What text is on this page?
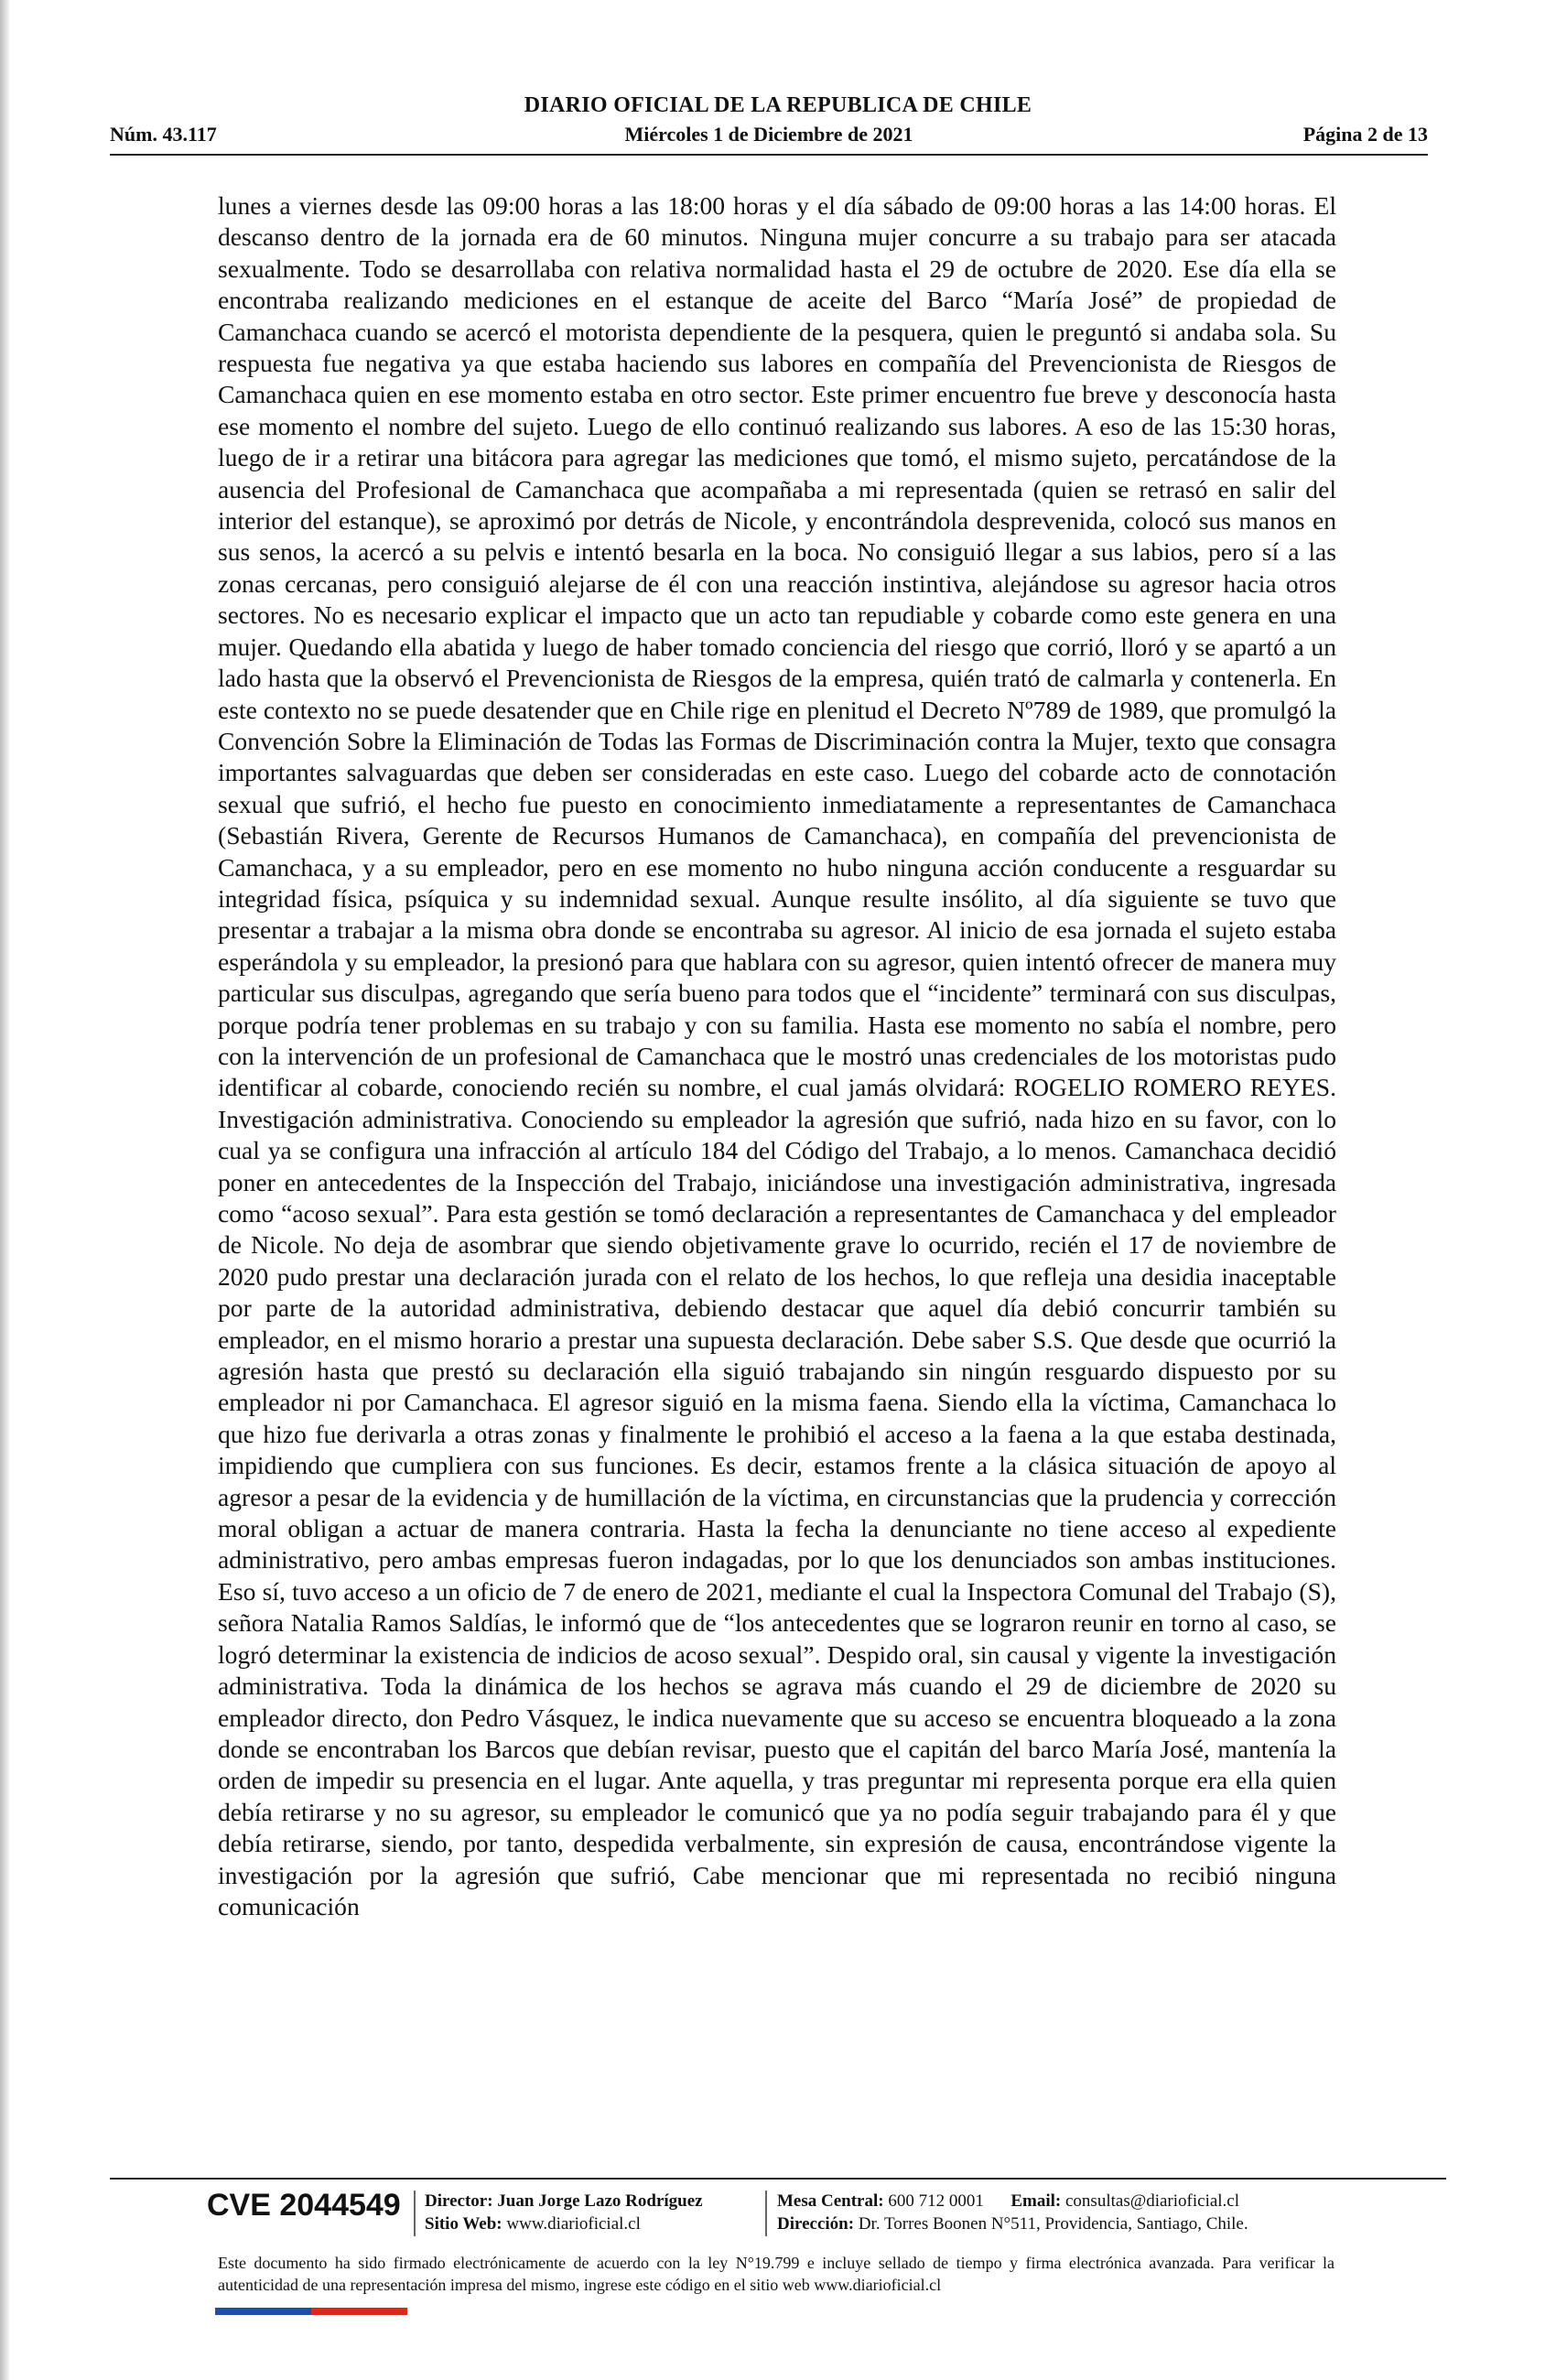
DIARIO OFICIAL DE LA REPUBLICA DE CHILE
Núm. 43.117	Miércoles 1 de Diciembre de 2021	Página 2 de 13
lunes a viernes desde las 09:00 horas a las 18:00 horas y el día sábado de 09:00 horas a las 14:00 horas. El descanso dentro de la jornada era de 60 minutos. Ninguna mujer concurre a su trabajo para ser atacada sexualmente. Todo se desarrollaba con relativa normalidad hasta el 29 de octubre de 2020. Ese día ella se encontraba realizando mediciones en el estanque de aceite del Barco “María José” de propiedad de Camanchaca cuando se acercó el motorista dependiente de la pesquera, quien le preguntó si andaba sola. Su respuesta fue negativa ya que estaba haciendo sus labores en compañía del Prevencionista de Riesgos de Camanchaca quien en ese momento estaba en otro sector. Este primer encuentro fue breve y desconocía hasta ese momento el nombre del sujeto. Luego de ello continuó realizando sus labores. A eso de las 15:30 horas, luego de ir a retirar una bitácora para agregar las mediciones que tomó, el mismo sujeto, percatándose de la ausencia del Profesional de Camanchaca que acompañaba a mi representada (quien se retrasó en salir del interior del estanque), se aproximó por detrás de Nicole, y encontrándola desprevenida, colocó sus manos en sus senos, la acercó a su pelvis e intentó besarla en la boca. No consiguió llegar a sus labios, pero sí a las zonas cercanas, pero consiguió alejarse de él con una reacción instintiva, alejándose su agresor hacia otros sectores. No es necesario explicar el impacto que un acto tan repudiable y cobarde como este genera en una mujer. Quedando ella abatida y luego de haber tomado conciencia del riesgo que corrió, lloró y se apartó a un lado hasta que la observó el Prevencionista de Riesgos de la empresa, quién trató de calmarla y contenerla. En este contexto no se puede desatender que en Chile rige en plenitud el Decreto Nº789 de 1989, que promulgó la Convención Sobre la Eliminación de Todas las Formas de Discriminación contra la Mujer, texto que consagra importantes salvaguardas que deben ser consideradas en este caso. Luego del cobarde acto de connotación sexual que sufrió, el hecho fue puesto en conocimiento inmediatamente a representantes de Camanchaca (Sebastián Rivera, Gerente de Recursos Humanos de Camanchaca), en compañía del prevencionista de Camanchaca, y a su empleador, pero en ese momento no hubo ninguna acción conducente a resguardar su integridad física, psíquica y su indemnidad sexual. Aunque resulte insólito, al día siguiente se tuvo que presentar a trabajar a la misma obra donde se encontraba su agresor. Al inicio de esa jornada el sujeto estaba esperándola y su empleador, la presionó para que hablara con su agresor, quien intentó ofrecer de manera muy particular sus disculpas, agregando que sería bueno para todos que el “incidente” terminará con sus disculpas, porque podría tener problemas en su trabajo y con su familia. Hasta ese momento no sabía el nombre, pero con la intervención de un profesional de Camanchaca que le mostró unas credenciales de los motoristas pudo identificar al cobarde, conociendo recién su nombre, el cual jamás olvidará: ROGELIO ROMERO REYES. Investigación administrativa. Conociendo su empleador la agresión que sufrió, nada hizo en su favor, con lo cual ya se configura una infracción al artículo 184 del Código del Trabajo, a lo menos. Camanchaca decidió poner en antecedentes de la Inspección del Trabajo, iniciándose una investigación administrativa, ingresada como “acoso sexual”. Para esta gestión se tomó declaración a representantes de Camanchaca y del empleador de Nicole. No deja de asombrar que siendo objetivamente grave lo ocurrido, recién el 17 de noviembre de 2020 pudo prestar una declaración jurada con el relato de los hechos, lo que refleja una desidia inaceptable por parte de la autoridad administrativa, debiendo destacar que aquel día debió concurrir también su empleador, en el mismo horario a prestar una supuesta declaración. Debe saber S.S. Que desde que ocurrió la agresión hasta que prestó su declaración ella siguió trabajando sin ningún resguardo dispuesto por su empleador ni por Camanchaca. El agresor siguió en la misma faena. Siendo ella la víctima, Camanchaca lo que hizo fue derivarla a otras zonas y finalmente le prohibió el acceso a la faena a la que estaba destinada, impidiendo que cumpliera con sus funciones. Es decir, estamos frente a la clásica situación de apoyo al agresor a pesar de la evidencia y de humillación de la víctima, en circunstancias que la prudencia y corrección moral obligan a actuar de manera contraria. Hasta la fecha la denunciante no tiene acceso al expediente administrativo, pero ambas empresas fueron indagadas, por lo que los denunciados son ambas instituciones. Eso sí, tuvo acceso a un oficio de 7 de enero de 2021, mediante el cual la Inspectora Comunal del Trabajo (S), señora Natalia Ramos Saldías, le informó que de “los antecedentes que se lograron reunir en torno al caso, se logró determinar la existencia de indicios de acoso sexual”. Despido oral, sin causal y vigente la investigación administrativa. Toda la dinámica de los hechos se agrava más cuando el 29 de diciembre de 2020 su empleador directo, don Pedro Vásquez, le indica nuevamente que su acceso se encuentra bloqueado a la zona donde se encontraban los Barcos que debían revisar, puesto que el capitán del barco María José, mantenía la orden de impedir su presencia en el lugar. Ante aquella, y tras preguntar mi representa porque era ella quien debía retirarse y no su agresor, su empleador le comunicó que ya no podía seguir trabajando para él y que debía retirarse, siendo, por tanto, despedida verbalmente, sin expresión de causa, encontrándose vigente la investigación por la agresión que sufrió, Cabe mencionar que mi representada no recibió ninguna comunicación
CVE 2044549 Director: Juan Jorge Lazo Rodríguez
Sitio Web: www.diarioficial.cl
Mesa Central: 600 712 0001 Email: consultas@diarioficial.cl
Dirección: Dr. Torres Boonen N°511, Providencia, Santiago, Chile.
Este documento ha sido firmado electrónicamente de acuerdo con la ley N°19.799 e incluye sellado de tiempo y firma electrónica avanzada. Para verificar la autenticidad de una representación impresa del mismo, ingrese este código en el sitio web www.diarioficial.cl
